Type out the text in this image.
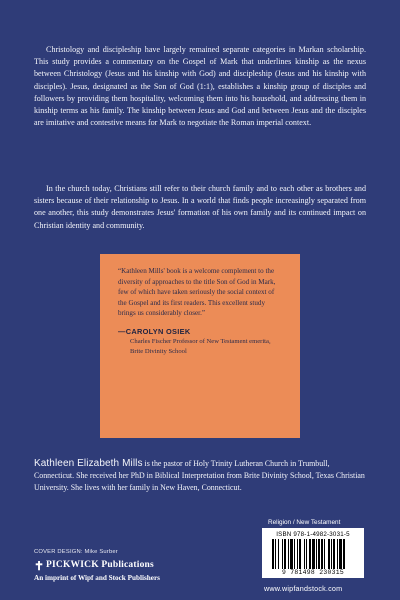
Christology and discipleship have largely remained separate categories in Markan scholarship. This study provides a commentary on the Gospel of Mark that underlines kinship as the nexus between Christology (Jesus and his kinship with God) and discipleship (Jesus and his kinship with disciples). Jesus, designated as the Son of God (1:1), establishes a kinship group of disciples and followers by providing them hospitality, welcoming them into his household, and addressing them in kinship terms as his family. The kinship between Jesus and God and between Jesus and the disciples are imitative and contestive means for Mark to negotiate the Roman imperial context.

In the church today, Christians still refer to their church family and to each other as brothers and sisters because of their relationship to Jesus. In a world that finds people increasingly separated from one another, this study demonstrates Jesus' formation of his own family and its continued impact on Christian identity and community.

“Kathleen Mills' book is a welcome complement to the diversity of approaches to the title Son of God in Mark, few of which have taken seriously the social context of the Gospel and its first readers. This excellent study brings us considerably closer.”

—CAROLYN OSIEK

Charles Fischer Professor of New Testament emerita, Brite Divinity School

Kathleen Elizabeth Mills is the pastor of Holy Trinity Lutheran Church in Trumbull, Connecticut. She received her PhD in Biblical Interpretation from Brite Divinity School, Texas Christian University. She lives with her family in New Haven, Connecticut.

Religion / New Testament
ISBN 978-1-4982-3031-5
9 781498 230315
www.wipfandstock.com
COVER DESIGN: Mike Surber
✝ PICKWICK Publications
An imprint of Wipf and Stock Publishers
